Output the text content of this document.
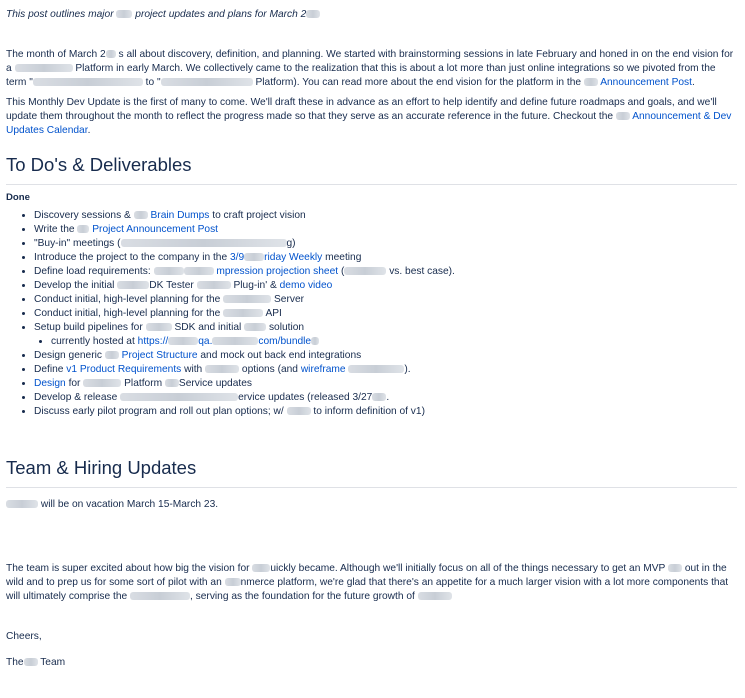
This post outlines major project updates and plans for March 2

The month of March 2 s all about discovery, definition, and planning. We started with brainstorming sessions in late February and honed in on the end vision for a	Platform in early March. We collectively came to the realization that this is about a lot more than just online integrations so we pivoted from the term "	to "	Platform). You can read more about the end vision for the platform in the Announcement Post.

This Monthly Dev Update is the first of many to come. We'll draft these in advance as an effort to help identify and define future roadmaps and goals, and we'll update them throughout the month to reflect the progress made so that they serve as an accurate reference in the future. Checkout the Announcement & Dev Updates Calendar.

To Do's & Deliverables
Done
• Discovery sessions & Brain Dumps to craft project vision
• Write the Project Announcement Post
• "Buy-in" meetings (	g)
• Introduce the project to the company in the 3/9 riday Weekly meeting
• Define load requirements:	mpression projection sheet (	vs. best case).
• Develop the initial	DK Tester	Plug-in' & demo video
• Conduct initial, high-level planning for the	Server
• Conduct initial, high-level planning for the	API
• Setup build pipelines for	SDK and initial	solution
• currently hosted at https://	qa.	com/bundle
• Design generic Project Structure and mock out back end integrations
• Define v1 Product Requirements with	options (and wireframe	).
• Design for	Platform Service updates
• Develop & release	ervice updates (released 3/27 .
• Discuss early pilot program and roll out plan options; w/	to inform definition of v1)
Team & Hiring Updates

will be on vacation March 15-March 23.

The team is super excited about how big the vision for uickly became. Although we'll initially focus on all of the things necessary to get an MVP out in the wild and to prep us for some sort of pilot with an nmerce platform, we're glad that there's an appetite for a much larger vision with a lot more components that will ultimately comprise the	, serving as the foundation for the future growth of

Cheers,

The Team
